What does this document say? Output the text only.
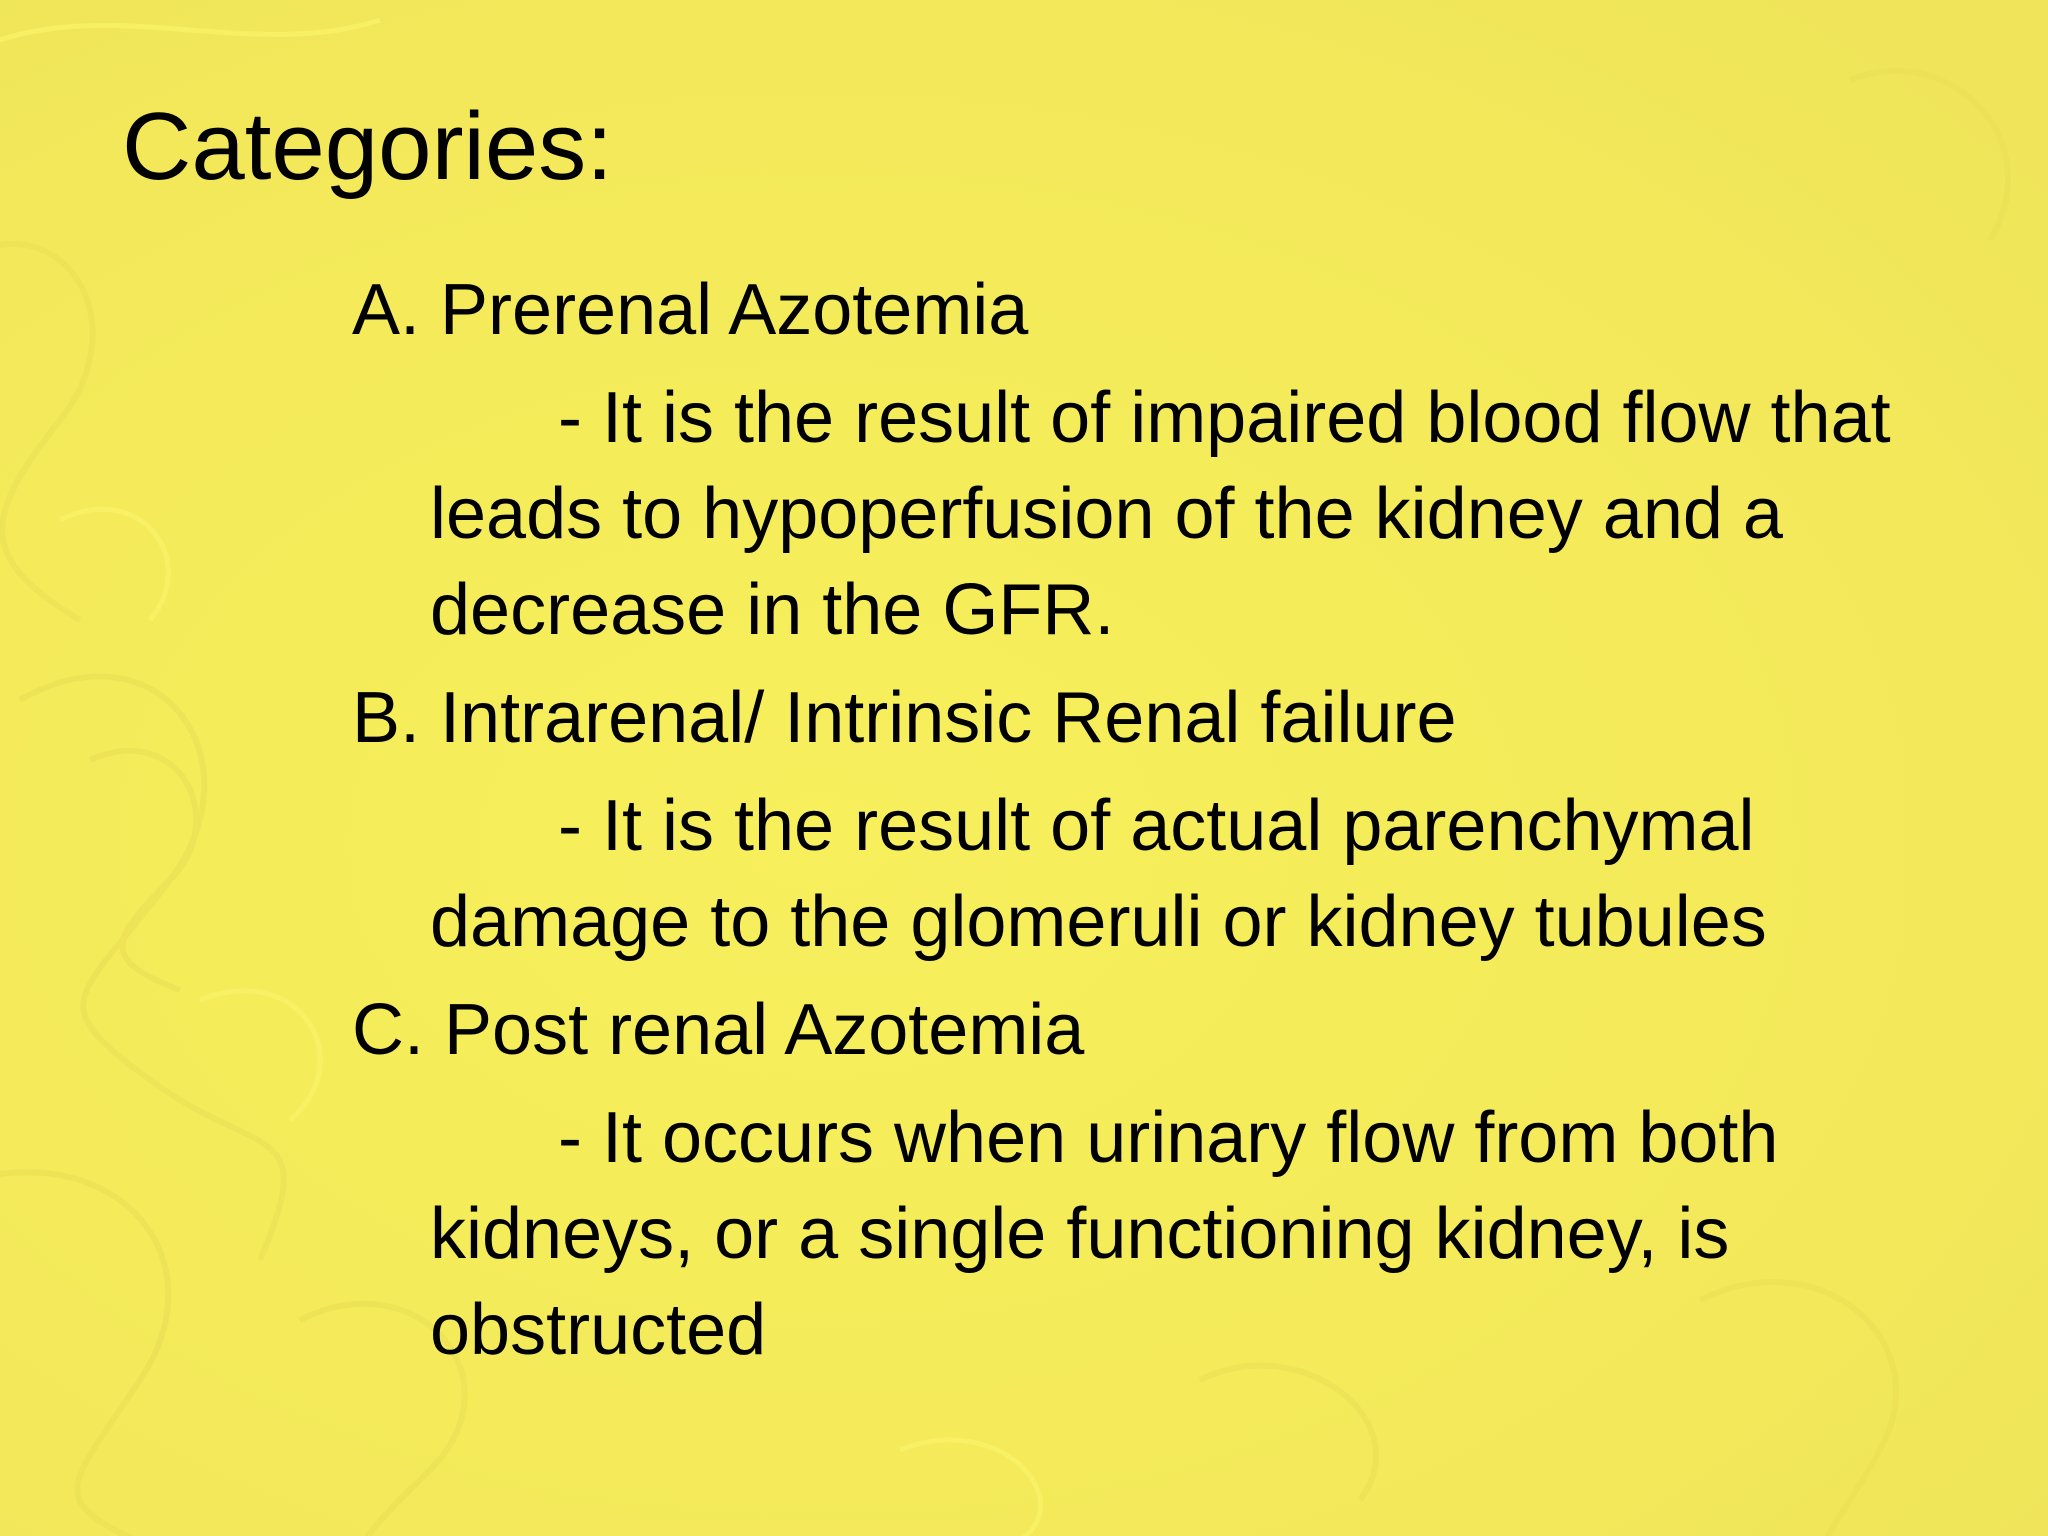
Categories:

A. Prerenal Azotemia

- It is the result of impaired blood flow that leads to hypoperfusion of the kidney and a decrease in the GFR.

B. Intrarenal/ Intrinsic Renal failure

- It is the result of actual parenchymal damage to the glomeruli or kidney tubules

C. Post renal Azotemia

- It occurs when urinary flow from both kidneys, or a single functioning kidney, is obstructed
